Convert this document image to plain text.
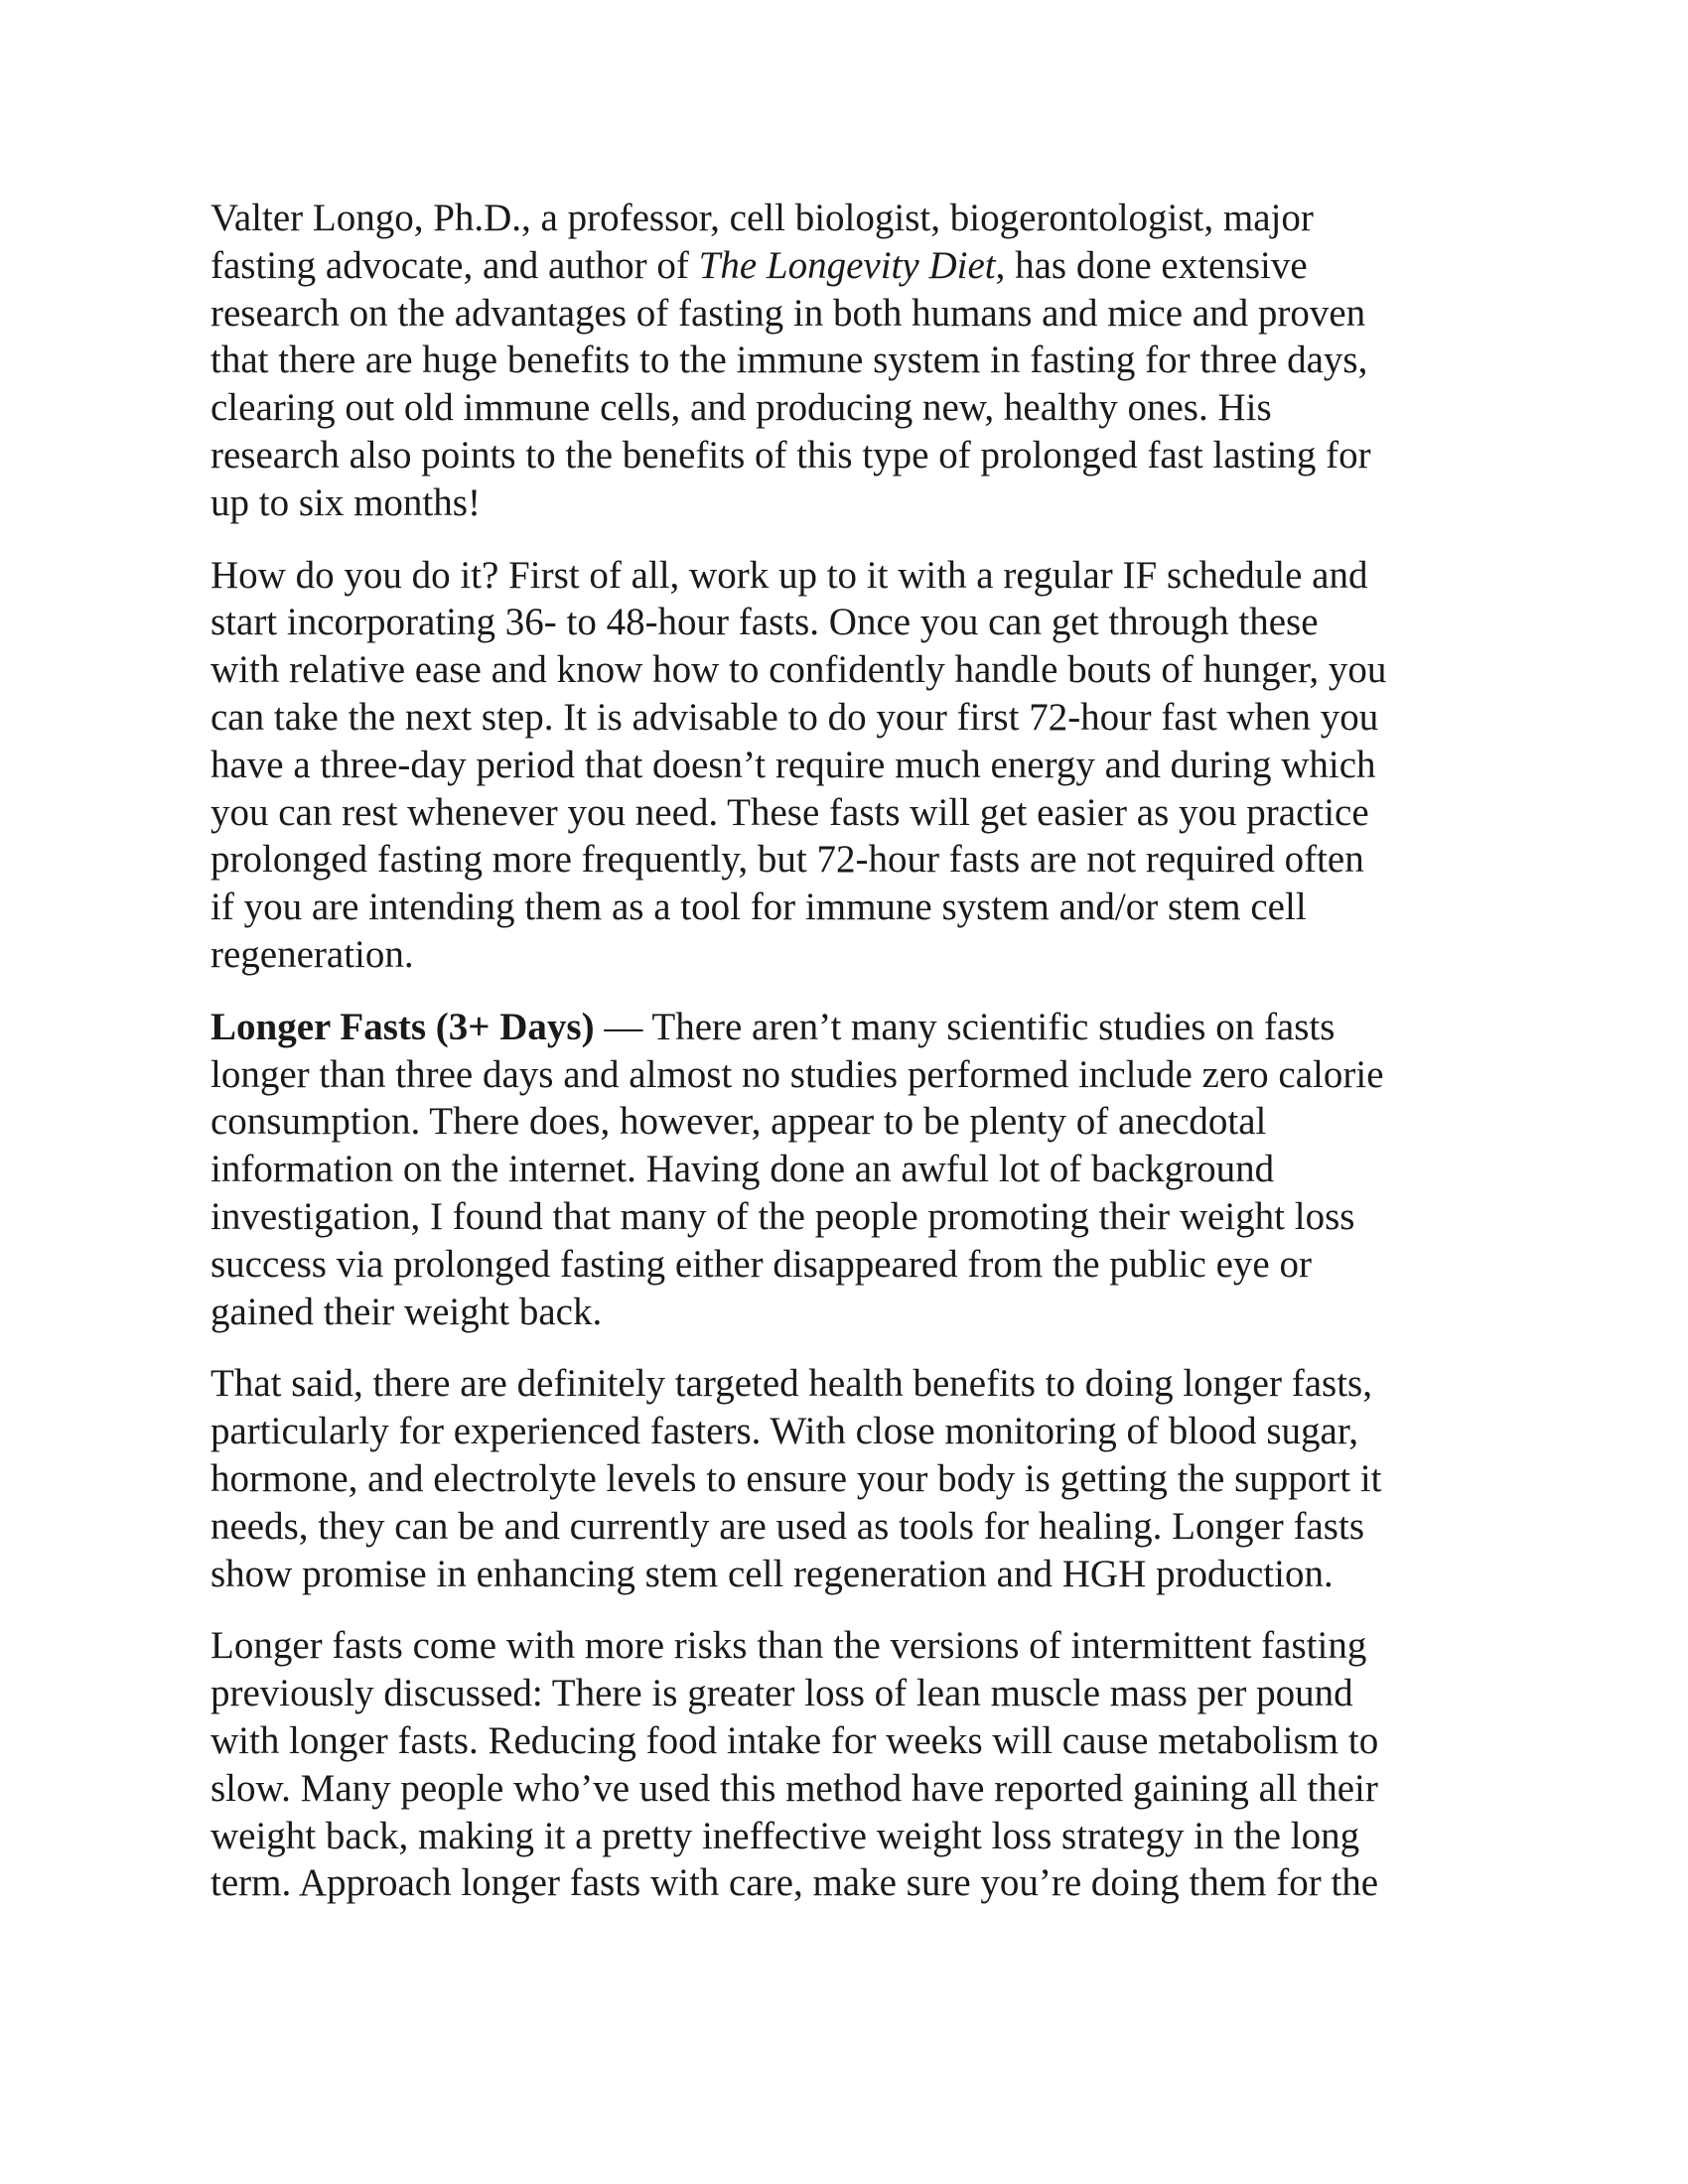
Valter Longo, Ph.D., a professor, cell biologist, biogerontologist, major
fasting advocate, and author of The Longevity Diet, has done extensive
research on the advantages of fasting in both humans and mice and proven
that there are huge benefits to the immune system in fasting for three days,
clearing out old immune cells, and producing new, healthy ones. His
research also points to the benefits of this type of prolonged fast lasting for
up to six months!

How do you do it? First of all, work up to it with a regular IF schedule and
start incorporating 36- to 48-hour fasts. Once you can get through these
with relative ease and know how to confidently handle bouts of hunger, you
can take the next step. It is advisable to do your first 72-hour fast when you
have a three-day period that doesn’t require much energy and during which
you can rest whenever you need. These fasts will get easier as you practice
prolonged fasting more frequently, but 72-hour fasts are not required often
if you are intending them as a tool for immune system and/or stem cell
regeneration.

Longer Fasts (3+ Days) — There aren’t many scientific studies on fasts
longer than three days and almost no studies performed include zero calorie
consumption. There does, however, appear to be plenty of anecdotal
information on the internet. Having done an awful lot of background
investigation, I found that many of the people promoting their weight loss
success via prolonged fasting either disappeared from the public eye or
gained their weight back.

That said, there are definitely targeted health benefits to doing longer fasts,
particularly for experienced fasters. With close monitoring of blood sugar,
hormone, and electrolyte levels to ensure your body is getting the support it
needs, they can be and currently are used as tools for healing. Longer fasts
show promise in enhancing stem cell regeneration and HGH production.

Longer fasts come with more risks than the versions of intermittent fasting
previously discussed: There is greater loss of lean muscle mass per pound
with longer fasts. Reducing food intake for weeks will cause metabolism to
slow. Many people who’ve used this method have reported gaining all their
weight back, making it a pretty ineffective weight loss strategy in the long
term. Approach longer fasts with care, make sure you’re doing them for the
